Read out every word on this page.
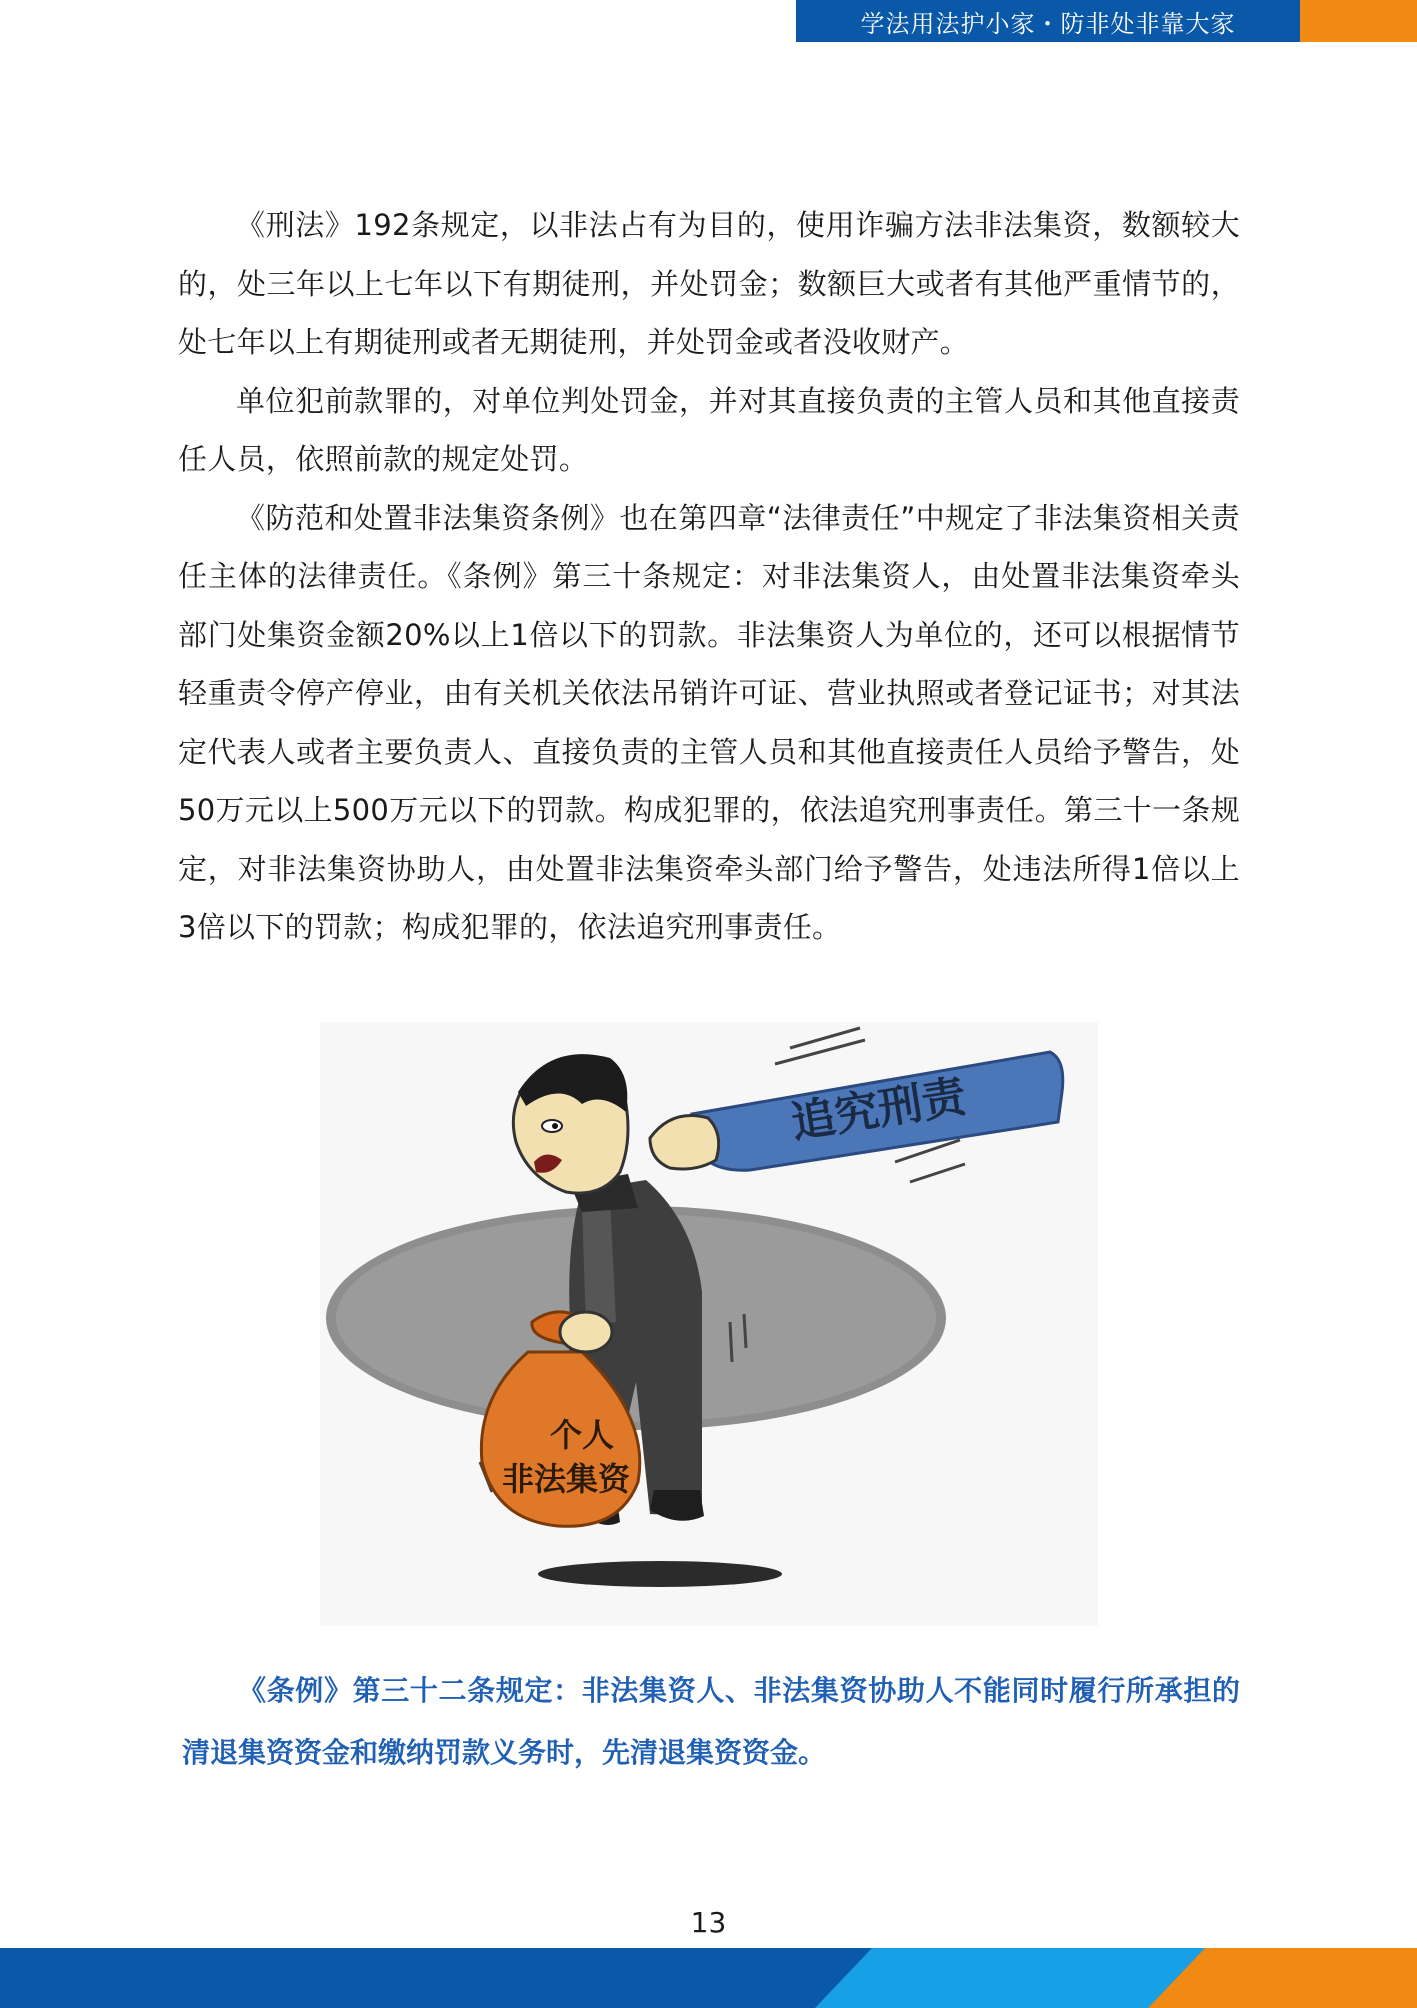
学法用法护小家・防非处非靠大家

《刑法》192条规定，以非法占有为目的，使用诈骗方法非法集资，数额较大的，处三年以上七年以下有期徒刑，并处罚金；数额巨大或者有其他严重情节的，处七年以上有期徒刑或者无期徒刑，并处罚金或者没收财产。

单位犯前款罪的，对单位判处罚金，并对其直接负责的主管人员和其他直接责任人员，依照前款的规定处罚。

《防范和处置非法集资条例》也在第四章“法律责任”中规定了非法集资相关责任主体的法律责任。《条例》第三十条规定：对非法集资人，由处置非法集资牵头部门处集资金额20%以上1倍以下的罚款。非法集资人为单位的，还可以根据情节轻重责令停产停业，由有关机关依法吊销许可证、营业执照或者登记证书；对其法定代表人或者主要负责人、直接负责的主管人员和其他直接责任人员给予警告，处50万元以上500万元以下的罚款。构成犯罪的，依法追究刑事责任。第三十一条规定，对非法集资协助人，由处置非法集资牵头部门给予警告，处违法所得1倍以上3倍以下的罚款；构成犯罪的，依法追究刑事责任。

追究刑责
个人
非法集资

《条例》第三十二条规定：非法集资人、非法集资协助人不能同时履行所承担的清退集资资金和缴纳罚款义务时，先清退集资资金。

13
